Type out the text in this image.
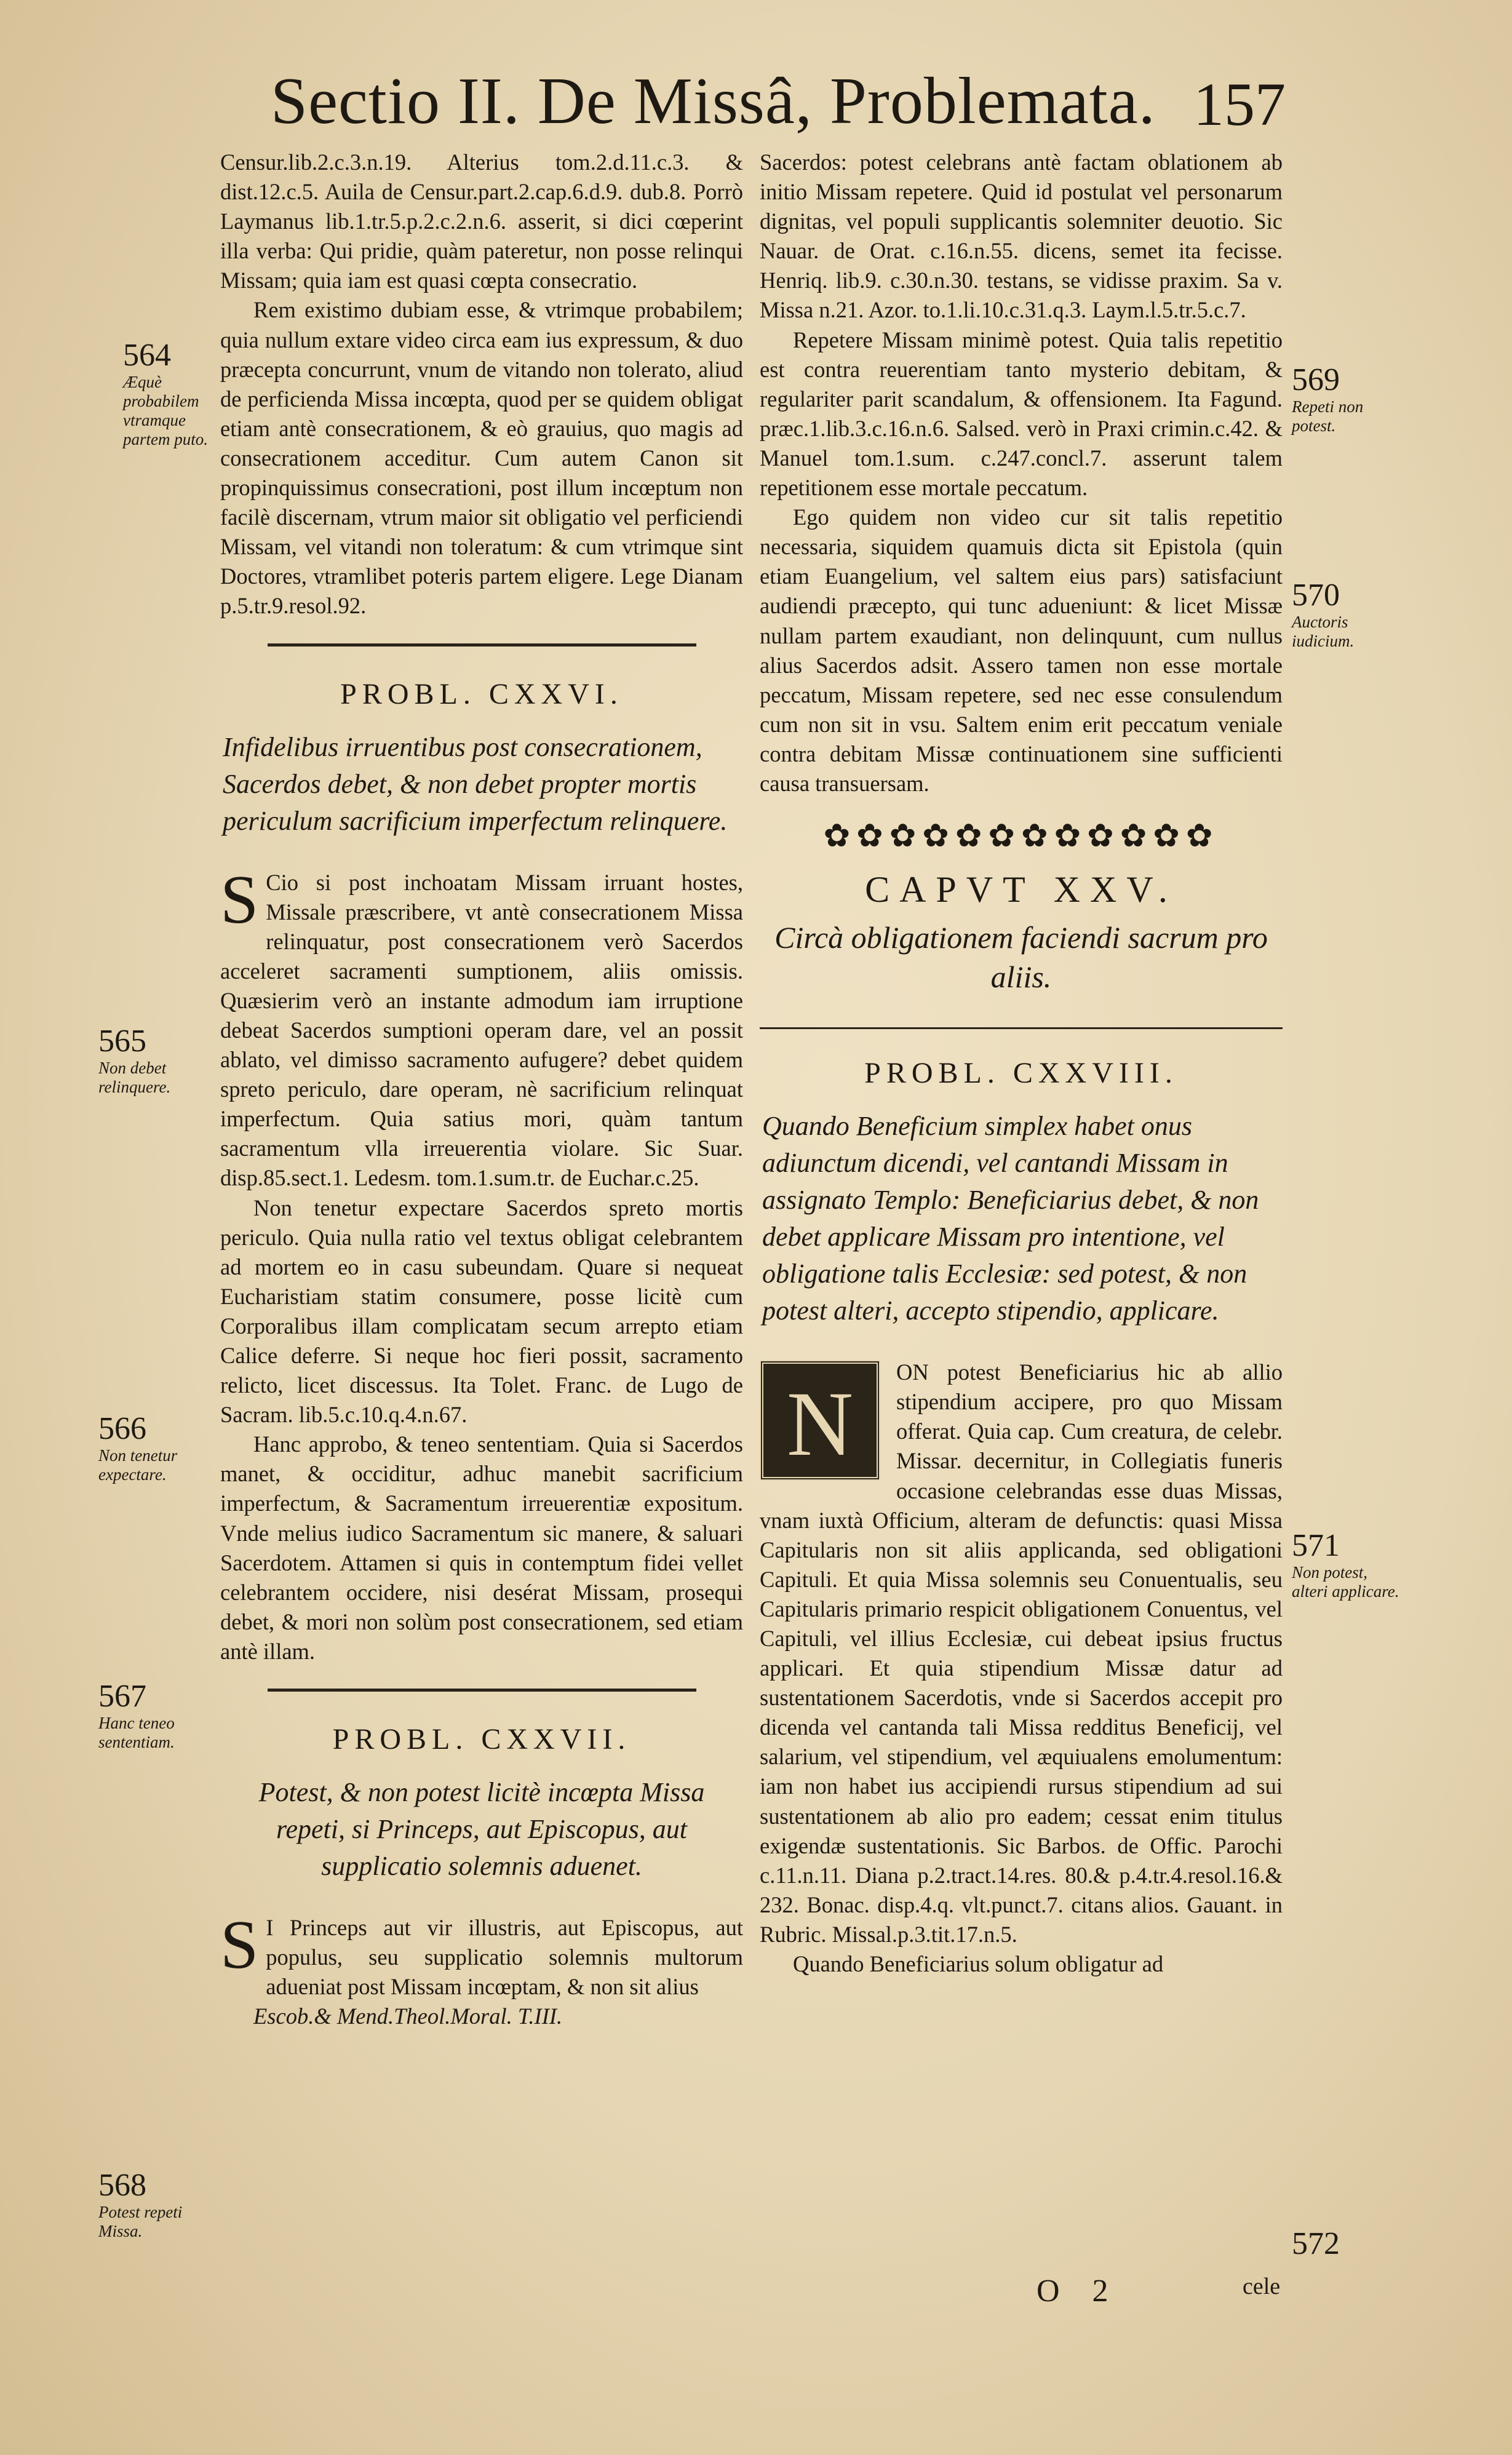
Sectio II. De Missâ, Problemata. 157

Censur.lib.2.c.3.n.19. Alterius tom.2.d.11.c.3. & dist.12.c.5. Auila de Censur.part.2.cap.6.d.9. dub.8. Porrò Laymanus lib.1.tr.5.p.2.c.2.n.6. asserit, si dici cœperint illa verba: Qui pridie, quàm pateretur, non posse relinqui Missam; quia iam est quasi cœpta consecratio.

Rem existimo dubiam esse, & vtrimque probabilem; quia nullum extare video circa eam ius expressum, & duo præcepta concurrunt, vnum de vitando non tolerato, aliud de perficienda Missa incœpta, quod per se quidem obligat etiam antè consecrationem, & eò grauius, quo magis ad consecrationem acceditur. Cum autem Canon sit propinquissimus consecrationi, post illum incœptum non facilè discernam, vtrum maior sit obligatio vel perficiendi Missam, vel vitandi non toleratum: & cum vtrimque sint Doctores, vtramlibet poteris partem eligere. Lege Dianam p.5.tr.9.resol.92.

PROBL. CXXVI.
Infidelibus irruentibus post consecrationem, Sacerdos debet, & non debet propter mortis periculum sacrificium imperfectum relinquere.

S Cio si post inchoatam Missam irruant hostes, Missale præscribere, vt antè consecrationem Missa relinquatur, post consecrationem verò Sacerdos acceleret sacramenti sumptionem, aliis omissis. Quæsierim verò an instante admodum iam irruptione debeat Sacerdos sumptioni operam dare, vel an possit ablato, vel dimisso sacramento aufugere? debet quidem spreto periculo, dare operam, nè sacrificium relinquat imperfectum. Quia satius mori, quàm tantum sacramentum vlla irreuerentia violare. Sic Suar. disp.85.sect.1. Ledesm. tom.1.sum.tr. de Euchar.c.25.

Non tenetur expectare Sacerdos spreto mortis periculo. Quia nulla ratio vel textus obligat celebrantem ad mortem eo in casu subeundam. Quare si nequeat Eucharistiam statim consumere, posse licitè cum Corporalibus illam complicatam secum arrepto etiam Calice deferre. Si neque hoc fieri possit, sacramento relicto, licet discessus. Ita Tolet. Franc. de Lugo de Sacram. lib.5.c.10.q.4.n.67.

Hanc approbo, & teneo sententiam. Quia si Sacerdos manet, & occiditur, adhuc manebit sacrificium imperfectum, & Sacramentum irreuerentiæ expositum. Vnde melius iudico Sacramentum sic manere, & saluari Sacerdotem. Attamen si quis in contemptum fidei vellet celebrantem occidere, nisi desérat Missam, prosequi debet, & mori non solùm post consecrationem, sed etiam antè illam.

PROBL. CXXVII.
Potest, & non potest licitè incœpta Missa repeti, si Princeps, aut Episcopus, aut supplicatio solemnis aduenet.

S I Princeps aut vir illustris, aut Episcopus, aut populus, seu supplicatio solemnis multorum adueniat post Missam incœptam, & non sit alius

Escob.& Mend.Theol.Moral. T.III.

Sacerdos: potest celebrans antè factam oblationem ab initio Missam repetere. Quid id postulat vel personarum dignitas, vel populi supplicantis solemniter deuotio. Sic Nauar. de Orat. c.16.n.55. dicens, semet ita fecisse. Henriq. lib.9. c.30.n.30. testans, se vidisse praxim. Sa v. Missa n.21. Azor. to.1.li.10.c.31.q.3. Laym.l.5.tr.5.c.7.

Repetere Missam minimè potest. Quia talis repetitio est contra reuerentiam tanto mysterio debitam, & regulariter parit scandalum, & offensionem. Ita Fagund. præc.1.lib.3.c.16.n.6. Salsed. verò in Praxi crimin.c.42. & Manuel tom.1.sum. c.247.concl.7. asserunt talem repetitionem esse mortale peccatum.

Ego quidem non video cur sit talis repetitio necessaria, siquidem quamuis dicta sit Epistola (quin etiam Euangelium, vel saltem eius pars) satisfaciunt audiendi præcepto, qui tunc adueniunt: & licet Missæ nullam partem exaudiant, non delinquunt, cum nullus alius Sacerdos adsit. Assero tamen non esse mortale peccatum, Missam repetere, sed nec esse consulendum cum non sit in vsu. Saltem enim erit peccatum veniale contra debitam Missæ continuationem sine sufficienti causa transuersam.

✿✿✿✿✿✿✿✿✿✿✿✿
CAPVT XXV.
Circà obligationem faciendi sacrum pro aliis.
PROBL. CXXVIII.
Quando Beneficium simplex habet onus adiunctum dicendi, vel cantandi Missam in assignato Templo: Beneficiarius debet, & non debet applicare Missam pro intentione, vel obligatione talis Ecclesiæ: sed potest, & non potest alteri, accepto stipendio, applicare.

N
ON potest Beneficiarius hic ab allio stipendium accipere, pro quo Missam offerat. Quia cap. Cum creatura, de celebr. Missar. decernitur, in Collegiatis funeris occasione celebrandas esse duas Missas, vnam iuxtà Officium, alteram de defunctis: quasi Missa Capitularis non sit aliis applicanda, sed obligationi Capituli. Et quia Missa solemnis seu Conuentualis, seu Capitularis primario respicit obligationem Conuentus, vel Capituli, vel illius Ecclesiæ, cui debeat ipsius fructus applicari. Et quia stipendium Missæ datur ad sustentationem Sacerdotis, vnde si Sacerdos accepit pro dicenda vel cantanda tali Missa redditus Beneficij, vel salarium, vel stipendium, vel æquiualens emolumentum: iam non habet ius accipiendi rursus stipendium ad sui sustentationem ab alio pro eadem; cessat enim titulus exigendæ sustentationis. Sic Barbos. de Offic. Parochi c.11.n.11. Diana p.2.tract.14.res. 80.& p.4.tr.4.resol.16.& 232. Bonac. disp.4.q. vlt.punct.7. citans alios. Gauant. in Rubric. Missal.p.3.tit.17.n.5.

Quando Beneficiarius solum obligatur ad

O 2	cele
564
Æquè probabilem vtramque partem puto.
565
Non debet relinquere.
566
Non tenetur expectare.
567
Hanc teneo sententiam.
568
Potest repeti Missa.
569
Repeti non potest.
570
Auctoris iudicium.
571
Non potest, alteri applicare.
572
